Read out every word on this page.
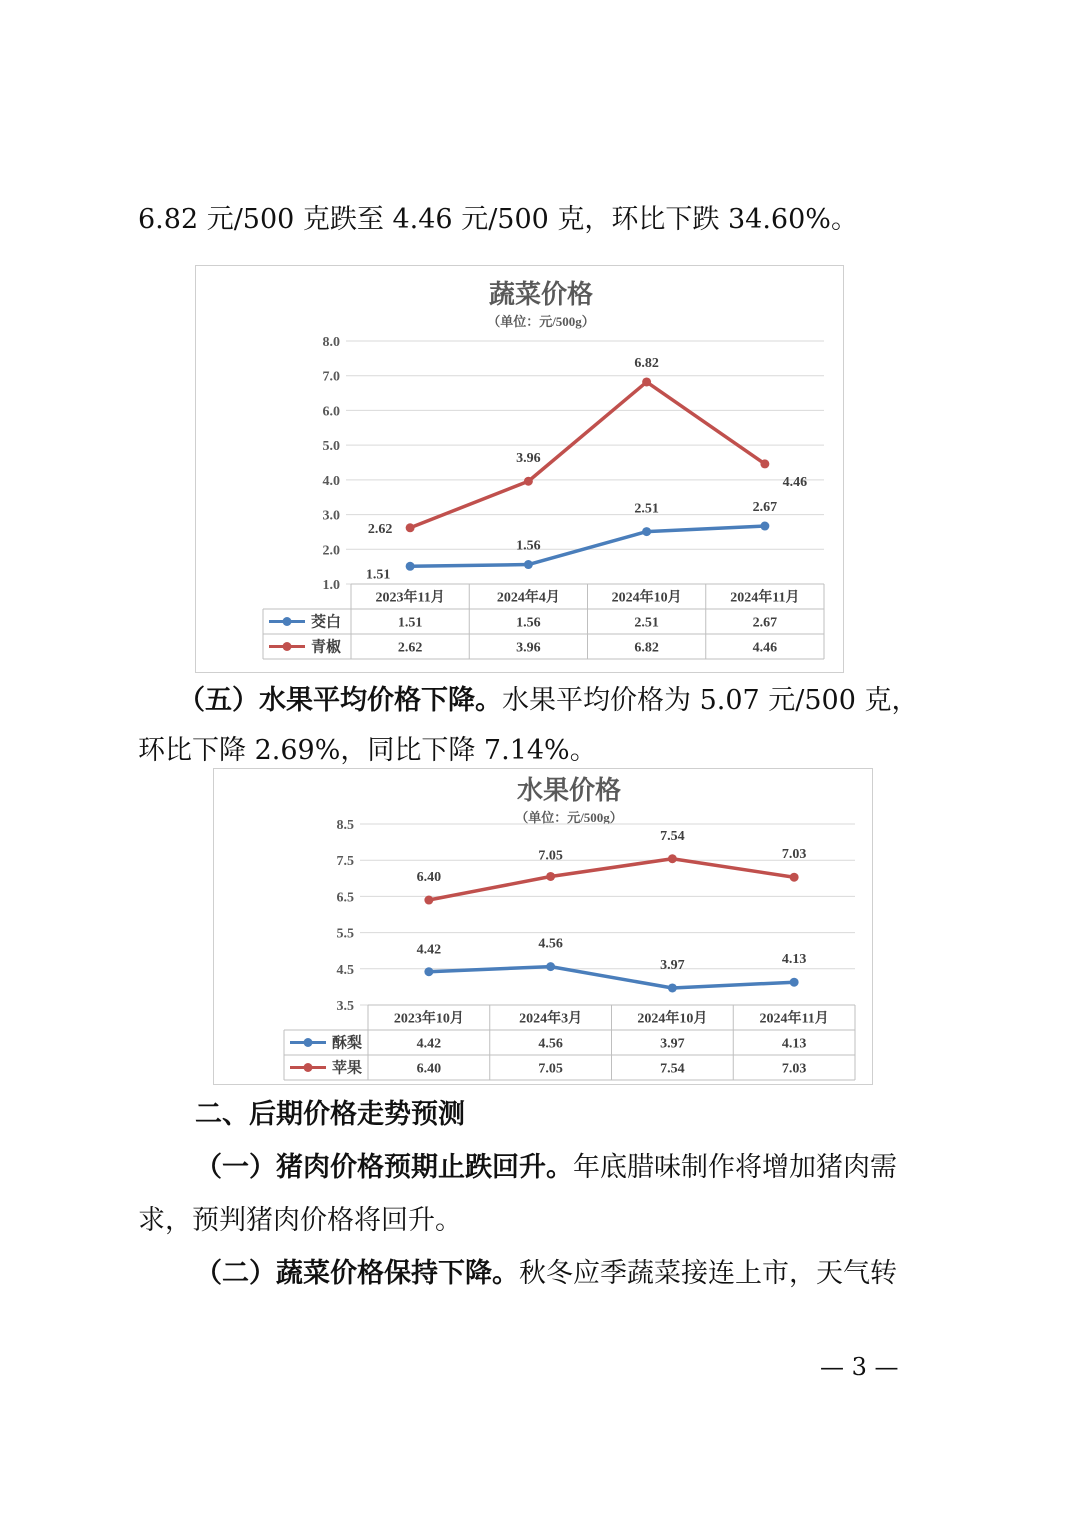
6.82 元/500 克跌至 4.46 元/500 克，环比下跌 34.60%。
蔬菜价格
（单位：元/500g）
1.0
2.0
3.0
4.0
5.0
6.0
7.0
8.0
1.51
1.56
2.51	2.67
2.62
3.96
6.82
4.46
2023年11月	2024年4月	2024年10月	2024年11月
茭白	1.51	1.56	2.51	2.67
青椒	2.62	3.96	6.82	4.46
（五）水果平均价格下降。水果平均价格为 5.07 元/500 克，
环比下降 2.69%，同比下降 7.14%。
水果价格
（单位：元/500g）
3.5
4.5
5.5
6.5
7.5
8.5
4.42	4.56
3.97	4.13
6.40
7.05
7.54
7.03
2023年10月	2024年3月	2024年10月	2024年11月
酥梨	4.42	4.56	3.97	4.13
苹果	6.40	7.05	7.54	7.03
二、后期价格走势预测
（一）猪肉价格预期止跌回升。年底腊味制作将增加猪肉需
求，预判猪肉价格将回升。
（二）蔬菜价格保持下降。秋冬应季蔬菜接连上市，天气转
— 3 —
